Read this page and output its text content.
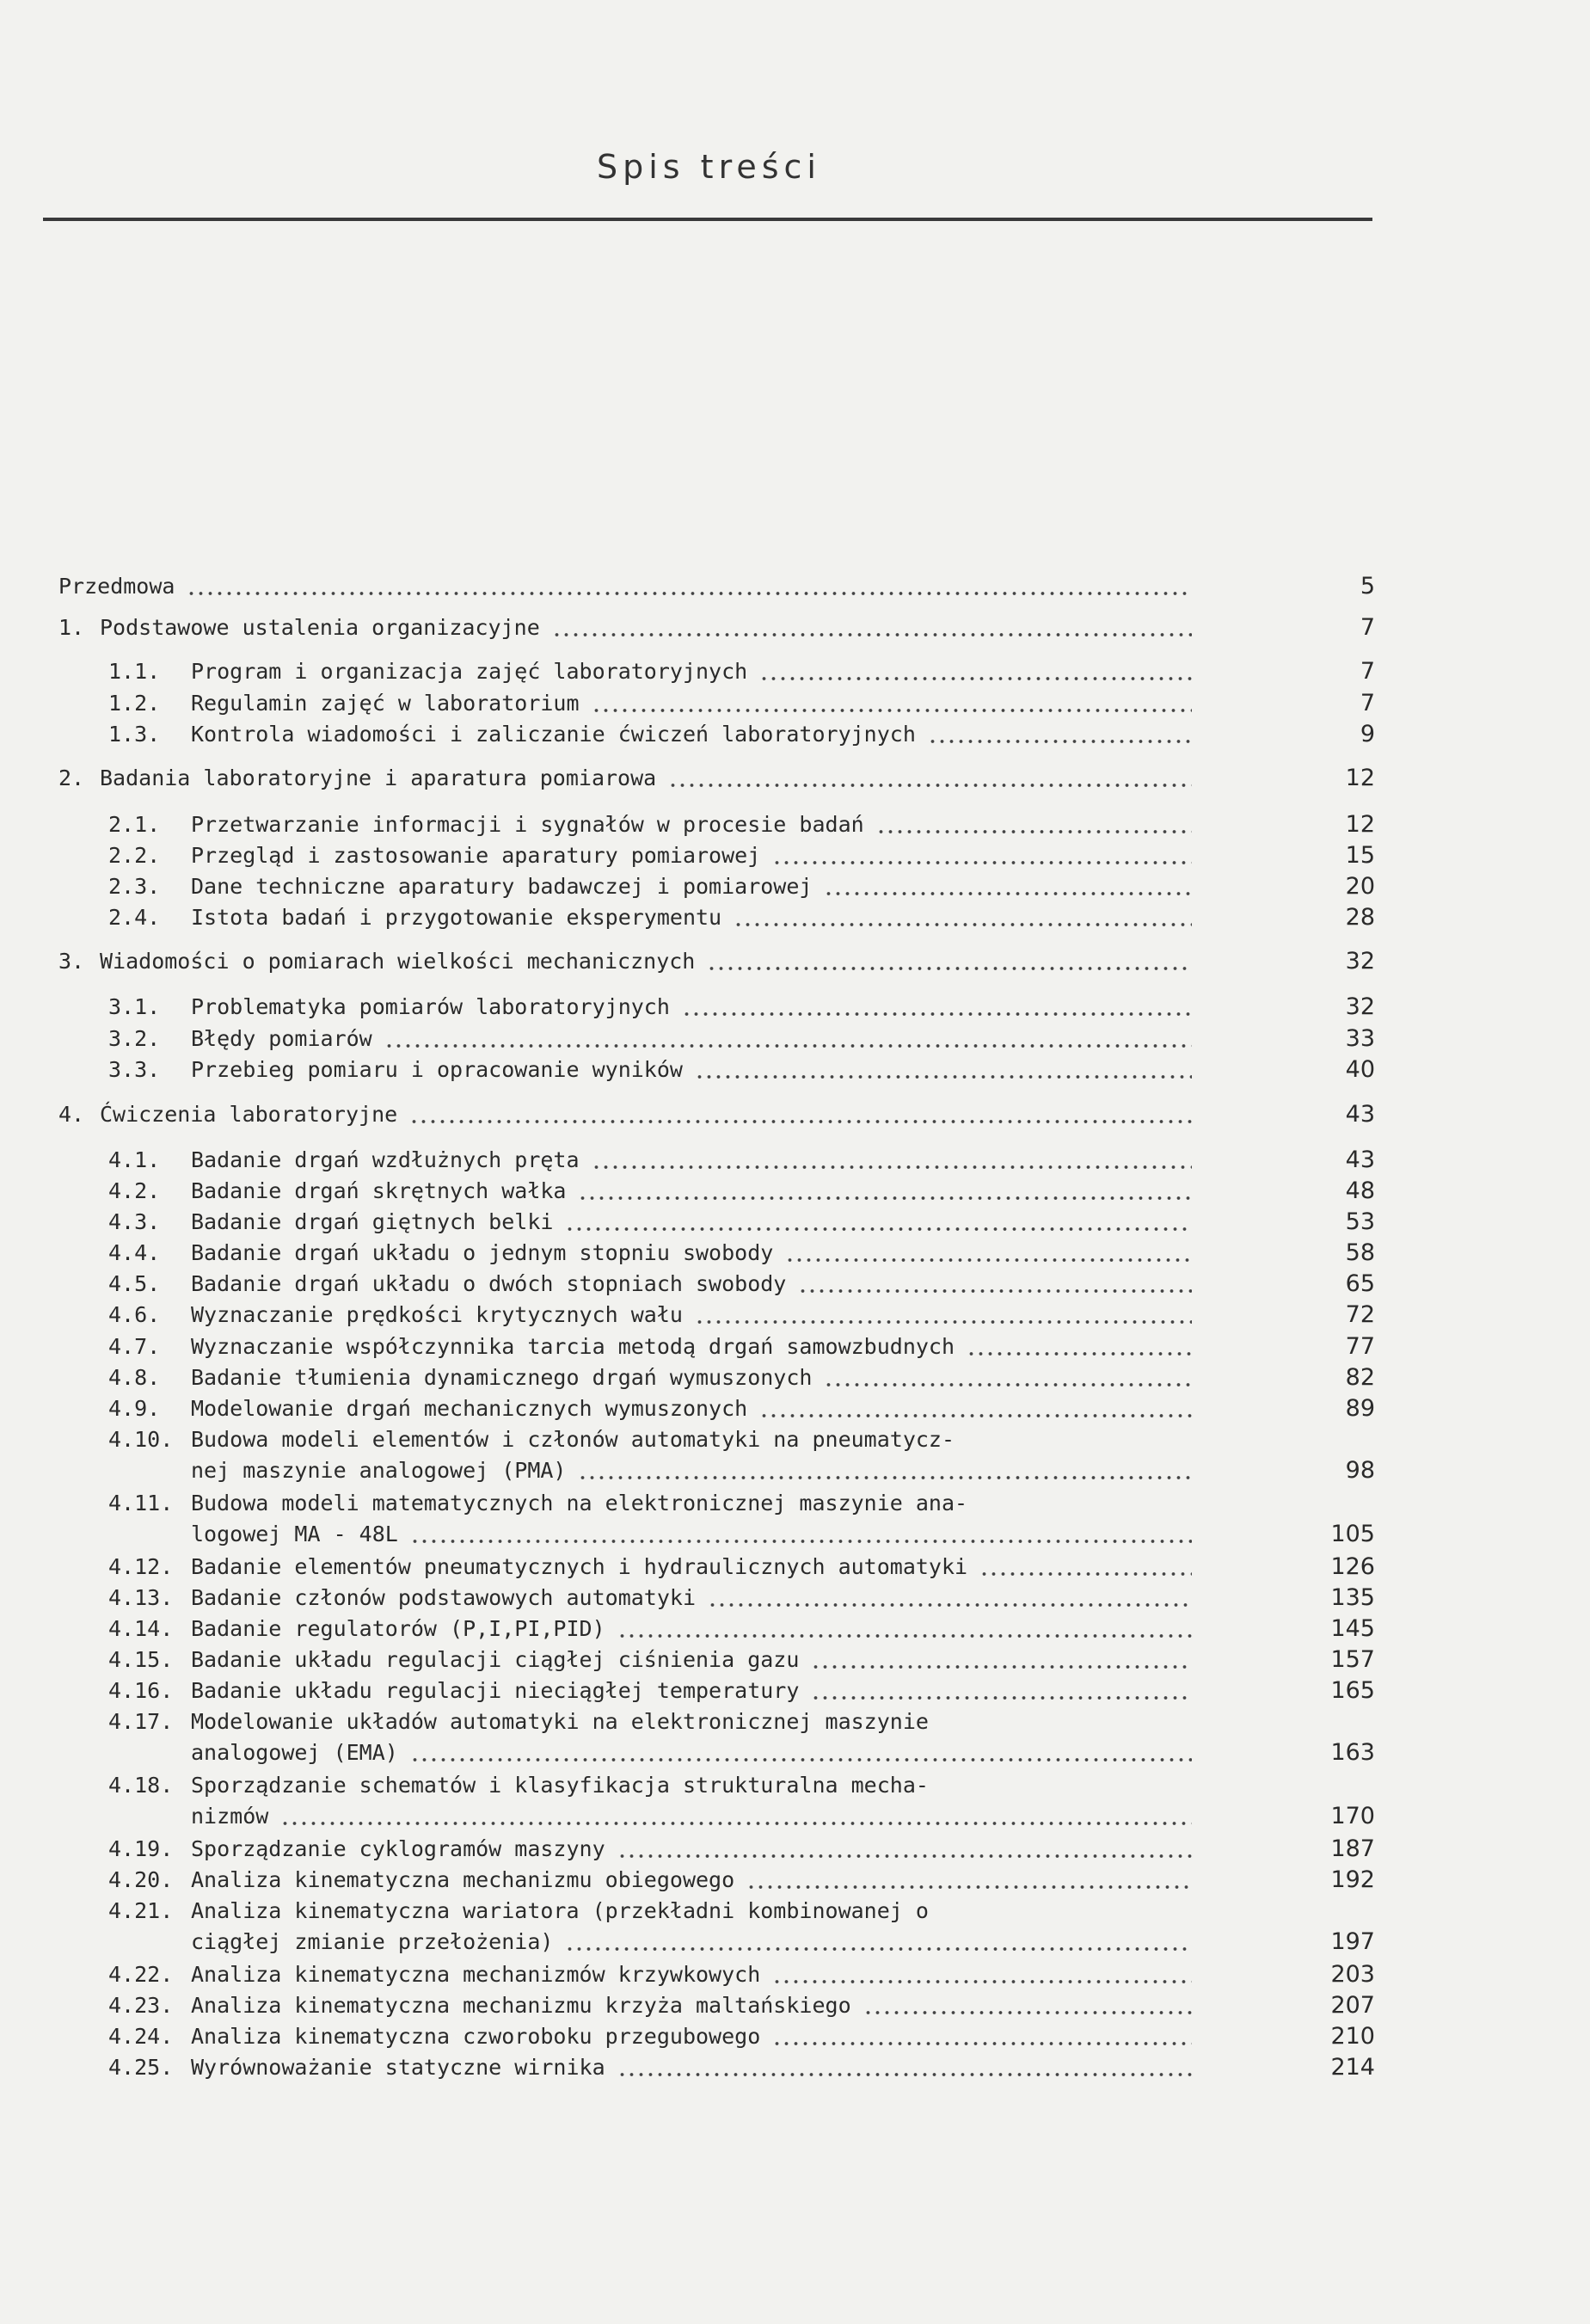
Spis treści
Przedmowa	5
1. Podstawowe ustalenia organizacyjne	7
1.1. Program i organizacja zajęć laboratoryjnych	7
1.2. Regulamin zajęć w laboratorium	7
1.3. Kontrola wiadomości i zaliczanie ćwiczeń laboratoryjnych	9
2. Badania laboratoryjne i aparatura pomiarowa	12
2.1. Przetwarzanie informacji i sygnałów w procesie badań	12
2.2. Przegląd i zastosowanie aparatury pomiarowej	15
2.3. Dane techniczne aparatury badawczej i pomiarowej	20
2.4. Istota badań i przygotowanie eksperymentu	28
3. Wiadomości o pomiarach wielkości mechanicznych	32
3.1. Problematyka pomiarów laboratoryjnych	32
3.2. Błędy pomiarów	33
3.3. Przebieg pomiaru i opracowanie wyników	40
4. Ćwiczenia laboratoryjne	43
4.1. Badanie drgań wzdłużnych pręta	43
4.2. Badanie drgań skrętnych wałka	48
4.3. Badanie drgań giętnych belki	53
4.4. Badanie drgań układu o jednym stopniu swobody	58
4.5. Badanie drgań układu o dwóch stopniach swobody	65
4.6. Wyznaczanie prędkości krytycznych wału	72
4.7. Wyznaczanie współczynnika tarcia metodą drgań samowzbudnych	77
4.8. Badanie tłumienia dynamicznego drgań wymuszonych	82
4.9. Modelowanie drgań mechanicznych wymuszonych	89
4.10. Budowa modeli elementów i członów automatyki na pneumatycz-
nej maszynie analogowej (PMA)	98
4.11. Budowa modeli matematycznych na elektronicznej maszynie ana-
logowej MA - 48L	105
4.12. Badanie elementów pneumatycznych i hydraulicznych automatyki	126
4.13. Badanie członów podstawowych automatyki	135
4.14. Badanie regulatorów (P,I,PI,PID)	145
4.15. Badanie układu regulacji ciągłej ciśnienia gazu	157
4.16. Badanie układu regulacji nieciągłej temperatury	165
4.17. Modelowanie układów automatyki na elektronicznej maszynie
analogowej (EMA)	163
4.18. Sporządzanie schematów i klasyfikacja strukturalna mecha-
nizmów	170
4.19. Sporządzanie cyklogramów maszyny	187
4.20. Analiza kinematyczna mechanizmu obiegowego	192
4.21. Analiza kinematyczna wariatora (przekładni kombinowanej o
ciągłej zmianie przełożenia)	197
4.22. Analiza kinematyczna mechanizmów krzywkowych	203
4.23. Analiza kinematyczna mechanizmu krzyża maltańskiego	207
4.24. Analiza kinematyczna czworoboku przegubowego	210
4.25. Wyrównoważanie statyczne wirnika	214
